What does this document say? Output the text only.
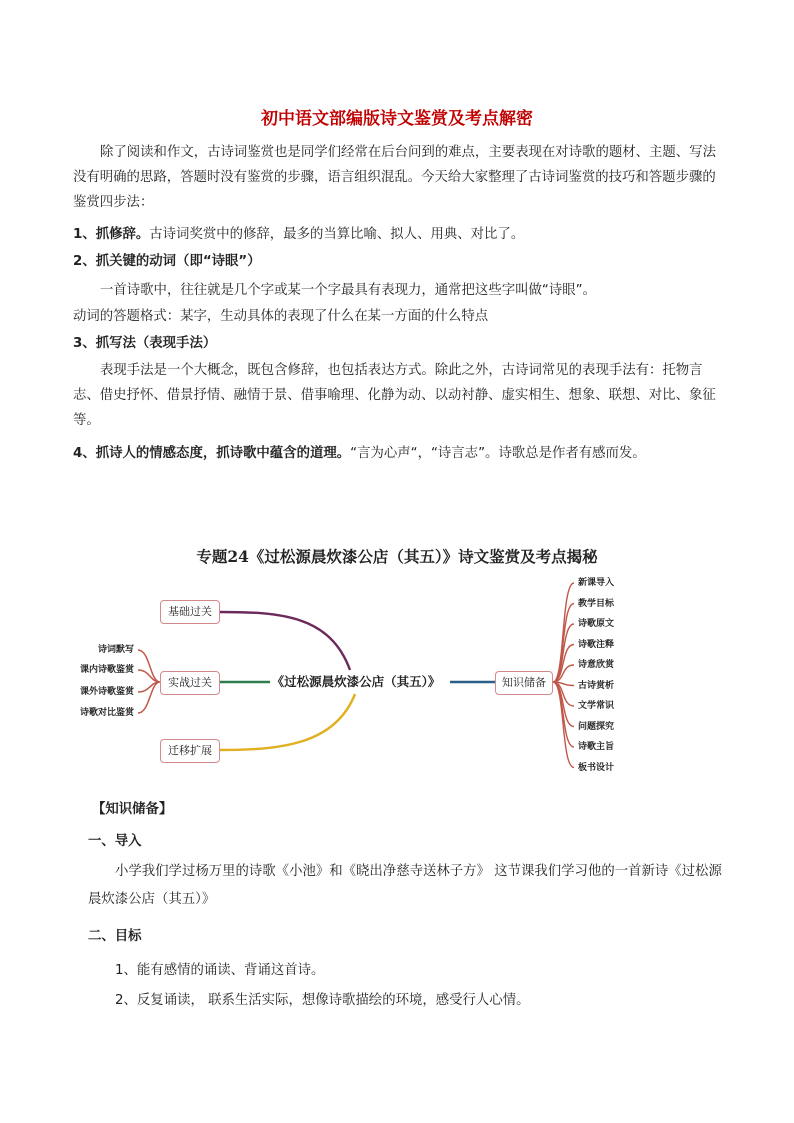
初中语文部编版诗文鉴赏及考点解密

除了阅读和作文，古诗词鉴赏也是同学们经常在后台问到的难点，主要表现在对诗歌的题材、主题、写法没有明确的思路，答题时没有鉴赏的步骤，语言组织混乱。今天给大家整理了古诗词鉴赏的技巧和答题步骤的鉴赏四步法：

1、抓修辞。古诗词奖赏中的修辞，最多的当算比喻、拟人、用典、对比了。

2、抓关键的动词（即“诗眼”）

一首诗歌中，往往就是几个字或某一个字最具有表现力，通常把这些字叫做“诗眼”。

动词的答题格式：某字，生动具体的表现了什么在某一方面的什么特点

3、抓写法（表现手法）

表现手法是一个大概念，既包含修辞，也包括表达方式。除此之外，古诗词常见的表现手法有：托物言志、借史抒怀、借景抒情、融情于景、借事喻理、化静为动、以动衬静、虚实相生、想象、联想、对比、象征等。

4、抓诗人的情感态度，抓诗歌中蕴含的道理。“言为心声“，“诗言志”。诗歌总是作者有感而发。

专题24《过松源晨炊漆公店（其五）》诗文鉴赏及考点揭秘
基础过关
实战过关
迁移扩展
《过松源晨炊漆公店（其五）》	知识储备
诗词默写
课内诗歌鉴赏
课外诗歌鉴赏
诗歌对比鉴赏
新课导入
教学目标
诗歌原文
诗歌注释
诗意欣赏
古诗赏析
文学常识
问题探究
诗歌主旨
板书设计
【知识储备】
一、导入

小学我们学过杨万里的诗歌《小池》和《晓出净慈寺送林子方》 这节课我们学习他的一首新诗《过松源晨炊漆公店（其五）》

二、目标

1、能有感情的诵读、背诵这首诗。

2、反复诵读， 联系生活实际，想像诗歌描绘的环境，感受行人心情。
